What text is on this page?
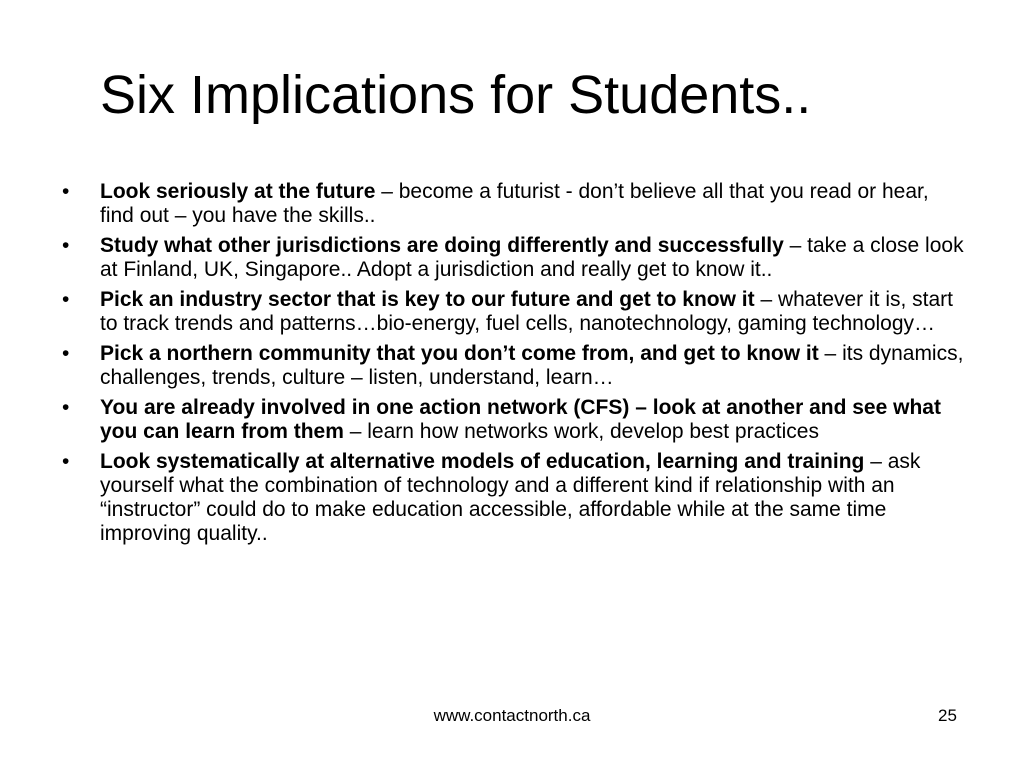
Six Implications for Students..
•	Look seriously at the future – become a futurist - don’t believe all that you read or hear, find out – you have the skills..
•	Study what other jurisdictions are doing differently and successfully – take a close look at Finland, UK, Singapore.. Adopt a jurisdiction and really get to know it..
•	Pick an industry sector that is key to our future and get to know it – whatever it is, start to track trends and patterns…bio-energy, fuel cells, nanotechnology, gaming technology…
•	Pick a northern community that you don’t come from, and get to know it – its dynamics, challenges, trends, culture – listen, understand, learn…
•	You are already involved in one action network (CFS) – look at another and see what you can learn from them – learn how networks work, develop best practices
•	Look systematically at alternative models of education, learning and training – ask yourself what the combination of technology and a different kind if relationship with an “instructor” could do to make education accessible, affordable while at the same time improving quality..
www.contactnorth.ca	25
